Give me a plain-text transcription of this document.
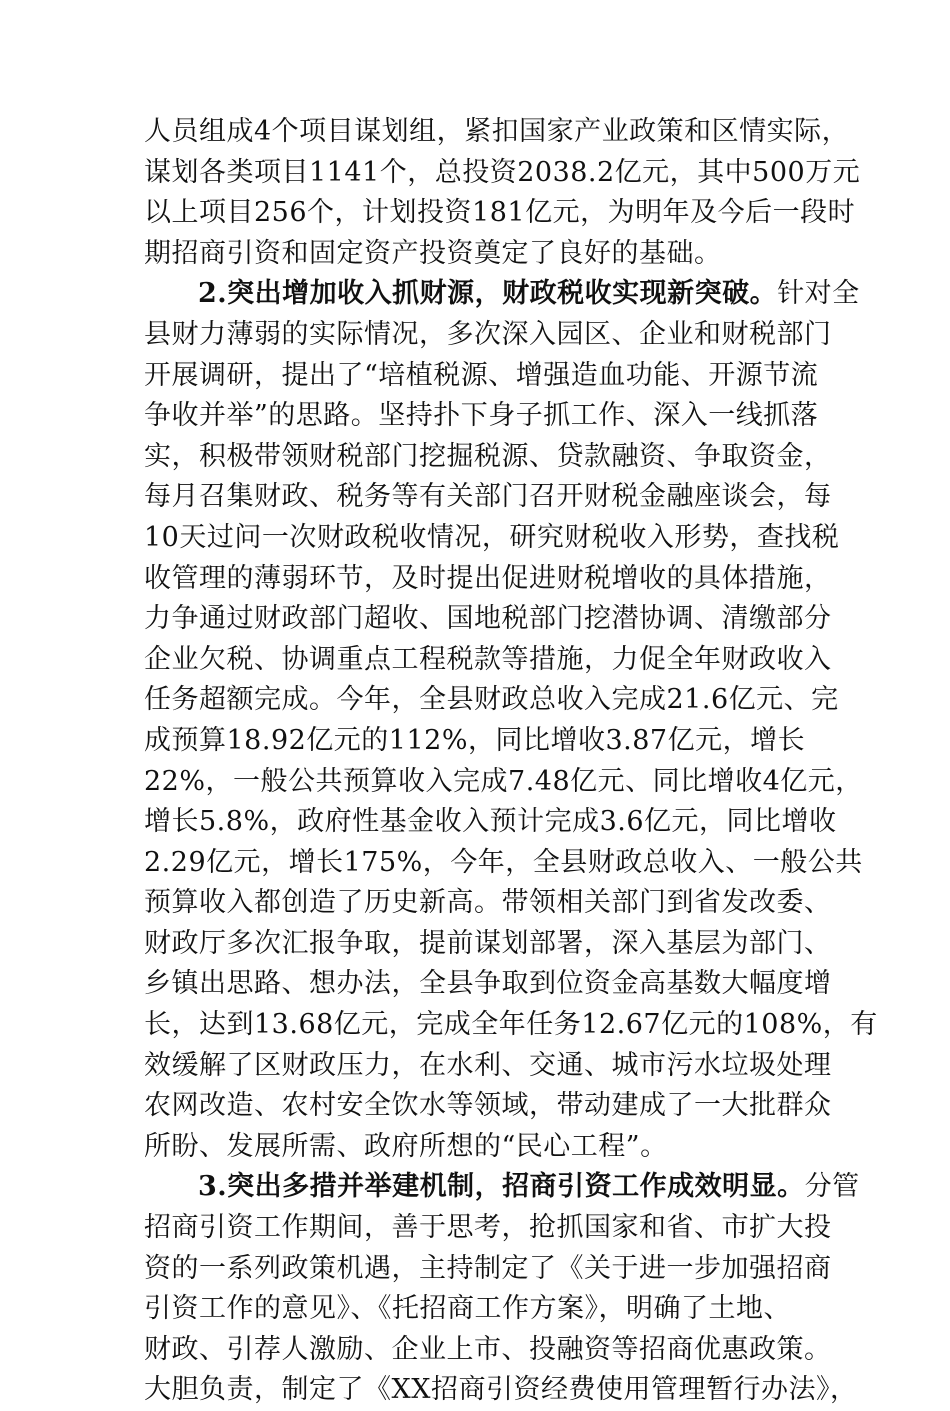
人员组成4个项目谋划组，紧扣国家产业政策和区情实际，
谋划各类项目1141个，总投资2038.2亿元，其中500万元
以上项目256个，计划投资181亿元，为明年及今后一段时
期招商引资和固定资产投资奠定了良好的基础。
2.突出增加收入抓财源，财政税收实现新突破。针对全
县财力薄弱的实际情况，多次深入园区、企业和财税部门
开展调研，提出了“培植税源、增强造血功能、开源节流
争收并举”的思路。坚持扑下身子抓工作、深入一线抓落
实，积极带领财税部门挖掘税源、贷款融资、争取资金，
每月召集财政、税务等有关部门召开财税金融座谈会，每
10天过问一次财政税收情况，研究财税收入形势，查找税
收管理的薄弱环节，及时提出促进财税增收的具体措施，
力争通过财政部门超收、国地税部门挖潜协调、清缴部分
企业欠税、协调重点工程税款等措施，力促全年财政收入
任务超额完成。今年，全县财政总收入完成21.6亿元、完
成预算18.92亿元的112%，同比增收3.87亿元，增长
22%，一般公共预算收入完成7.48亿元、同比增收4亿元，
增长5.8%，政府性基金收入预计完成3.6亿元，同比增收
2.29亿元，增长175%，今年，全县财政总收入、一般公共
预算收入都创造了历史新高。带领相关部门到省发改委、
财政厅多次汇报争取，提前谋划部署，深入基层为部门、
乡镇出思路、想办法，全县争取到位资金高基数大幅度增
长，达到13.68亿元，完成全年任务12.67亿元的108%，有
效缓解了区财政压力，在水利、交通、城市污水垃圾处理
农网改造、农村安全饮水等领域，带动建成了一大批群众
所盼、发展所需、政府所想的“民心工程”。
3.突出多措并举建机制，招商引资工作成效明显。分管
招商引资工作期间，善于思考，抢抓国家和省、市扩大投
资的一系列政策机遇，主持制定了《关于进一步加强招商
引资工作的意见》、《托招商工作方案》，明确了土地、
财政、引荐人激励、企业上市、投融资等招商优惠政策。
大胆负责，制定了《XX招商引资经费使用管理暂行办法》，
